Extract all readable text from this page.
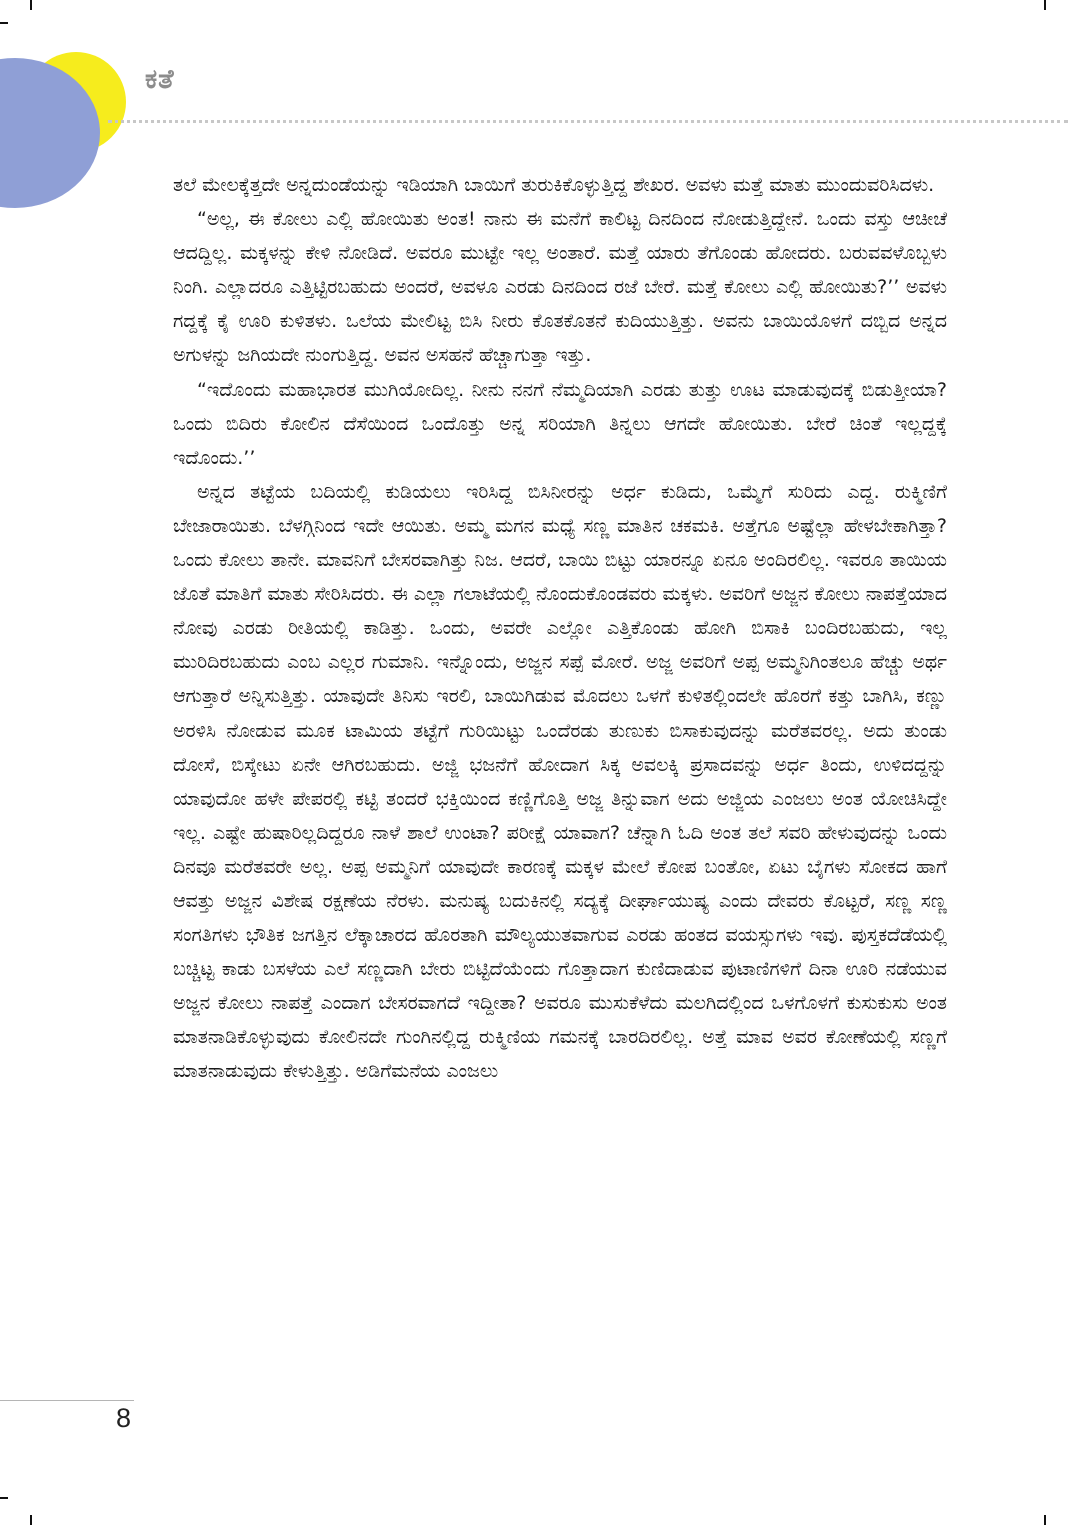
ಕತೆ

ತಲೆ ಮೇಲಕ್ಕೆತ್ತದೇ ಅನ್ನದುಂಡೆಯನ್ನು ಇಡಿಯಾಗಿ ಬಾಯಿಗೆ ತುರುಕಿಕೊಳ್ಳುತ್ತಿದ್ದ ಶೇಖರ. ಅವಳು ಮತ್ತೆ ಮಾತು ಮುಂದುವರಿಸಿದಳು.

“ಅಲ್ಲ, ಈ ಕೋಲು ಎಲ್ಲಿ ಹೋಯಿತು ಅಂತ! ನಾನು ಈ ಮನೆಗೆ ಕಾಲಿಟ್ಟ ದಿನದಿಂದ ನೋಡುತ್ತಿದ್ದೇನೆ. ಒಂದು ವಸ್ತು ಆಚೀಚೆ ಆದದ್ದಿಲ್ಲ. ಮಕ್ಕಳನ್ನು ಕೇಳಿ ನೋಡಿದೆ. ಅವರೂ ಮುಟ್ಟೇ ಇಲ್ಲ ಅಂತಾರೆ. ಮತ್ತೆ ಯಾರು ತೆಗೊಂಡು ಹೋದರು. ಬರುವವಳೊಬ್ಬಳು ನಿಂಗಿ. ಎಲ್ಲಾದರೂ ಎತ್ತಿಟ್ಟಿರಬಹುದು ಅಂದರೆ, ಅವಳೂ ಎರಡು ದಿನದಿಂದ ರಜೆ ಬೇರೆ. ಮತ್ತೆ ಕೋಲು ಎಲ್ಲಿ ಹೋಯಿತು?’’ ಅವಳು ಗದ್ದಕ್ಕೆ ಕೈ ಊರಿ ಕುಳಿತಳು. ಒಲೆಯ ಮೇಲಿಟ್ಟ ಬಿಸಿ ನೀರು ಕೊತಕೊತನೆ ಕುದಿಯುತ್ತಿತ್ತು. ಅವನು ಬಾಯಿಯೊಳಗೆ ದಬ್ಬಿದ ಅನ್ನದ ಅಗುಳನ್ನು ಜಗಿಯದೇ ನುಂಗುತ್ತಿದ್ದ. ಅವನ ಅಸಹನೆ ಹೆಚ್ಚಾಗುತ್ತಾ ಇತ್ತು.

“ಇದೊಂದು ಮಹಾಭಾರತ ಮುಗಿಯೋದಿಲ್ಲ. ನೀನು ನನಗೆ ನೆಮ್ಮದಿಯಾಗಿ ಎರಡು ತುತ್ತು ಊಟ ಮಾಡುವುದಕ್ಕೆ ಬಿಡುತ್ತೀಯಾ? ಒಂದು ಬಿದಿರು ಕೋಲಿನ ದೆಸೆಯಿಂದ ಒಂದೊತ್ತು ಅನ್ನ ಸರಿಯಾಗಿ ತಿನ್ನಲು ಆಗದೇ ಹೋಯಿತು. ಬೇರೆ ಚಿಂತೆ ಇಲ್ಲದ್ದಕ್ಕೆ ಇದೊಂದು.’’

ಅನ್ನದ ತಟ್ಟೆಯ ಬದಿಯಲ್ಲಿ ಕುಡಿಯಲು ಇರಿಸಿದ್ದ ಬಿಸಿನೀರನ್ನು ಅರ್ಧ ಕುಡಿದು, ಒಮ್ಮೆಗೆ ಸುರಿದು ಎದ್ದ. ರುಕ್ಮಿಣಿಗೆ ಬೇಜಾರಾಯಿತು. ಬೆಳಗ್ಗಿನಿಂದ ಇದೇ ಆಯಿತು. ಅಮ್ಮ ಮಗನ ಮಧ್ಯೆ ಸಣ್ಣ ಮಾತಿನ ಚಕಮಕಿ. ಅತ್ತೆಗೂ ಅಷ್ಟೆಲ್ಲಾ ಹೇಳಬೇಕಾಗಿತ್ತಾ? ಒಂದು ಕೋಲು ತಾನೇ. ಮಾವನಿಗೆ ಬೇಸರವಾಗಿತ್ತು ನಿಜ. ಆದರೆ, ಬಾಯಿ ಬಿಟ್ಟು ಯಾರನ್ನೂ ಏನೂ ಅಂದಿರಲಿಲ್ಲ. ಇವರೂ ತಾಯಿಯ ಜೊತೆ ಮಾತಿಗೆ ಮಾತು ಸೇರಿಸಿದರು. ಈ ಎಲ್ಲಾ ಗಲಾಟೆಯಲ್ಲಿ ನೊಂದುಕೊಂಡವರು ಮಕ್ಕಳು. ಅವರಿಗೆ ಅಜ್ಜನ ಕೋಲು ನಾಪತ್ತೆಯಾದ ನೋವು ಎರಡು ರೀತಿಯಲ್ಲಿ ಕಾಡಿತ್ತು. ಒಂದು, ಅವರೇ ಎಲ್ಲೋ ಎತ್ತಿಕೊಂಡು ಹೋಗಿ ಬಿಸಾಕಿ ಬಂದಿರಬಹುದು, ಇಲ್ಲ ಮುರಿದಿರಬಹುದು ಎಂಬ ಎಲ್ಲರ ಗುಮಾನಿ. ಇನ್ನೊಂದು, ಅಜ್ಜನ ಸಪ್ಪೆ ಮೋರೆ. ಅಜ್ಜ ಅವರಿಗೆ ಅಪ್ಪ ಅಮ್ಮನಿಗಿಂತಲೂ ಹೆಚ್ಚು ಅರ್ಥ ಆಗುತ್ತಾರೆ ಅನ್ನಿಸುತ್ತಿತ್ತು. ಯಾವುದೇ ತಿನಿಸು ಇರಲಿ, ಬಾಯಿಗಿಡುವ ಮೊದಲು ಒಳಗೆ ಕುಳಿತಲ್ಲಿಂದಲೇ ಹೊರಗೆ ಕತ್ತು ಬಾಗಿಸಿ, ಕಣ್ಣು ಅರಳಿಸಿ ನೋಡುವ ಮೂಕ ಟಾಮಿಯ ತಟ್ಟೆಗೆ ಗುರಿಯಿಟ್ಟು ಒಂದೆರಡು ತುಣುಕು ಬಿಸಾಕುವುದನ್ನು ಮರೆತವರಲ್ಲ. ಅದು ತುಂಡು ದೋಸೆ, ಬಿಸ್ಕೇಟು ಏನೇ ಆಗಿರಬಹುದು. ಅಜ್ಜಿ ಭಜನೆಗೆ ಹೋದಾಗ ಸಿಕ್ಕ ಅವಲಕ್ಕಿ ಪ್ರಸಾದವನ್ನು ಅರ್ಧ ತಿಂದು, ಉಳಿದದ್ದನ್ನು ಯಾವುದೋ ಹಳೇ ಪೇಪರಲ್ಲಿ ಕಟ್ಟಿ ತಂದರೆ ಭಕ್ತಿಯಿಂದ ಕಣ್ಣಿಗೊತ್ತಿ ಅಜ್ಜ ತಿನ್ನುವಾಗ ಅದು ಅಜ್ಜಿಯ ಎಂಜಲು ಅಂತ ಯೋಚಿಸಿದ್ದೇ ಇಲ್ಲ. ಎಷ್ಟೇ ಹುಷಾರಿಲ್ಲದಿದ್ದರೂ ನಾಳೆ ಶಾಲೆ ಉಂಟಾ? ಪರೀಕ್ಷೆ ಯಾವಾಗ? ಚೆನ್ನಾಗಿ ಓದಿ ಅಂತ ತಲೆ ಸವರಿ ಹೇಳುವುದನ್ನು ಒಂದು ದಿನವೂ ಮರೆತವರೇ ಅಲ್ಲ. ಅಪ್ಪ ಅಮ್ಮನಿಗೆ ಯಾವುದೇ ಕಾರಣಕ್ಕೆ ಮಕ್ಕಳ ಮೇಲೆ ಕೋಪ ಬಂತೋ, ಏಟು ಬೈಗಳು ಸೋಕದ ಹಾಗೆ ಆವತ್ತು ಅಜ್ಜನ ವಿಶೇಷ ರಕ್ಷಣೆಯ ನೆರಳು. ಮನುಷ್ಯ ಬದುಕಿನಲ್ಲಿ ಸದ್ಯಕ್ಕೆ ದೀರ್ಘಾಯುಷ್ಯ ಎಂದು ದೇವರು ಕೊಟ್ಟರೆ, ಸಣ್ಣ ಸಣ್ಣ ಸಂಗತಿಗಳು ಭೌತಿಕ ಜಗತ್ತಿನ ಲೆಕ್ಕಾಚಾರದ ಹೊರತಾಗಿ ಮೌಲ್ಯಯುತವಾಗುವ ಎರಡು ಹಂತದ ವಯಸ್ಸುಗಳು ಇವು. ಪುಸ್ತಕದೆಡೆಯಲ್ಲಿ ಬಚ್ಚಿಟ್ಟ ಕಾಡು ಬಸಳೆಯ ಎಲೆ ಸಣ್ಣದಾಗಿ ಬೇರು ಬಿಟ್ಟಿದೆಯೆಂದು ಗೊತ್ತಾದಾಗ ಕುಣಿದಾಡುವ ಪುಟಾಣಿಗಳಿಗೆ ದಿನಾ ಊರಿ ನಡೆಯುವ ಅಜ್ಜನ ಕೋಲು ನಾಪತ್ತೆ ಎಂದಾಗ ಬೇಸರವಾಗದೆ ಇದ್ದೀತಾ? ಅವರೂ ಮುಸುಕೆಳೆದು ಮಲಗಿದಲ್ಲಿಂದ ಒಳಗೊಳಗೆ ಕುಸುಕುಸು ಅಂತ ಮಾತನಾಡಿಕೊಳ್ಳುವುದು ಕೋಲಿನದೇ ಗುಂಗಿನಲ್ಲಿದ್ದ ರುಕ್ಮಿಣಿಯ ಗಮನಕ್ಕೆ ಬಾರದಿರಲಿಲ್ಲ. ಅತ್ತೆ ಮಾವ ಅವರ ಕೋಣೆಯಲ್ಲಿ ಸಣ್ಣಗೆ ಮಾತನಾಡುವುದು ಕೇಳುತ್ತಿತ್ತು. ಅಡಿಗೆಮನೆಯ ಎಂಜಲು

8
